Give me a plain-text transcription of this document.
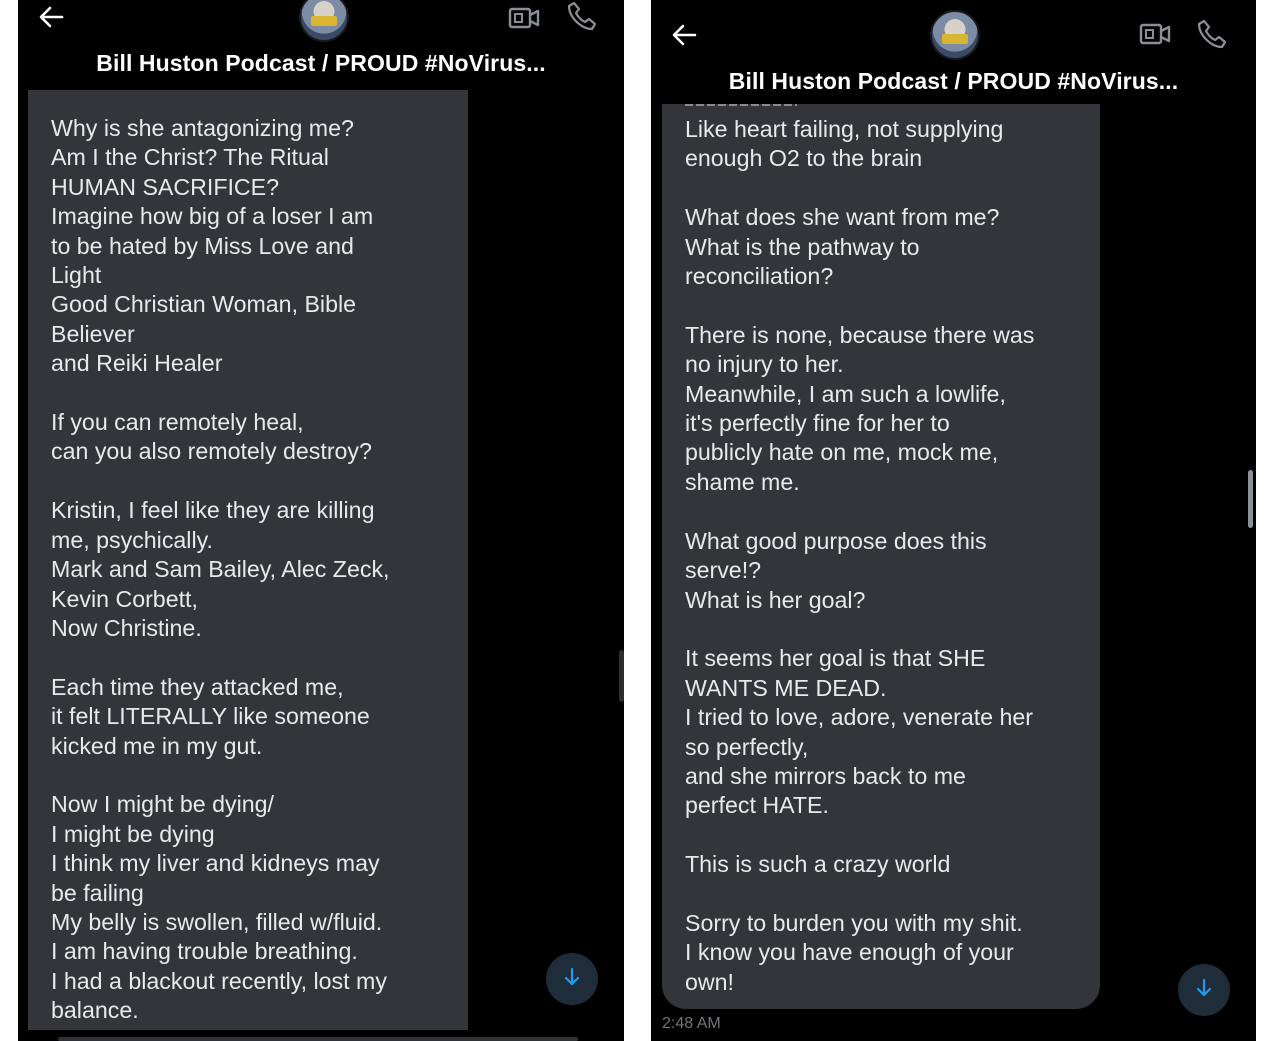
Bill Huston Podcast / PROUD #NoVirus...
Why is she antagonizing me?
Am I the Christ? The Ritual
HUMAN SACRIFICE?
Imagine how big of a loser I am
to be hated by Miss Love and
Light
Good Christian Woman, Bible
Believer
and Reiki Healer

If you can remotely heal,
can you also remotely destroy?

Kristin, I feel like they are killing
me, psychically.
Mark and Sam Bailey, Alec Zeck,
Kevin Corbett,
Now Christine.

Each time they attacked me,
it felt LITERALLY like someone
kicked me in my gut.

Now I might be dying/
I might be dying
I think my liver and kidneys may
be failing
My belly is swollen, filled w/fluid.
I am having trouble breathing.
I had a blackout recently, lost my
balance.
Bill Huston Podcast / PROUD #NoVirus...
Like heart failing, not supplying
enough O2 to the brain

What does she want from me?
What is the pathway to
reconciliation?

There is none, because there was
no injury to her.
Meanwhile, I am such a lowlife,
it's perfectly fine for her to
publicly hate on me, mock me,
shame me.

What good purpose does this
serve!?
What is her goal?

It seems her goal is that SHE
WANTS ME DEAD.
I tried to love, adore, venerate her
so perfectly,
and she mirrors back to me
perfect HATE.

This is such a crazy world

Sorry to burden you with my shit.
I know you have enough of your
own!
2:48 AM
